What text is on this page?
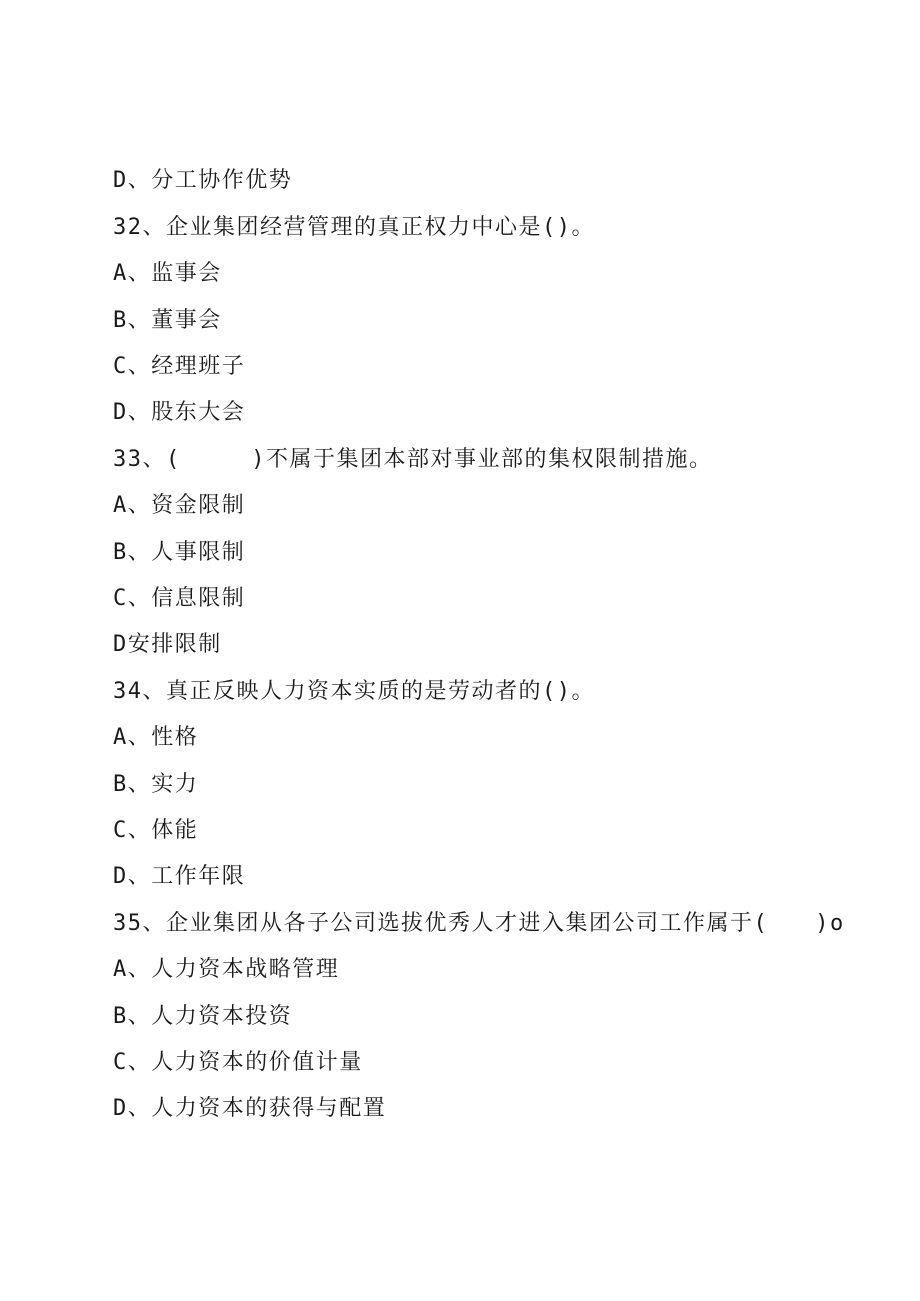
D、分工协作优势
32、企业集团经营管理的真正权力中心是()。
A、监事会
B、董事会
C、经理班子
D、股东大会
33、(　　　)不属于集团本部对事业部的集权限制措施。
A、资金限制
B、人事限制
C、信息限制
D安排限制
34、真正反映人力资本实质的是劳动者的()。
A、性格
B、实力
C、体能
D、工作年限
35、企业集团从各子公司选拔优秀人才进入集团公司工作属于(　　)o
A、人力资本战略管理
B、人力资本投资
C、人力资本的价值计量
D、人力资本的获得与配置
